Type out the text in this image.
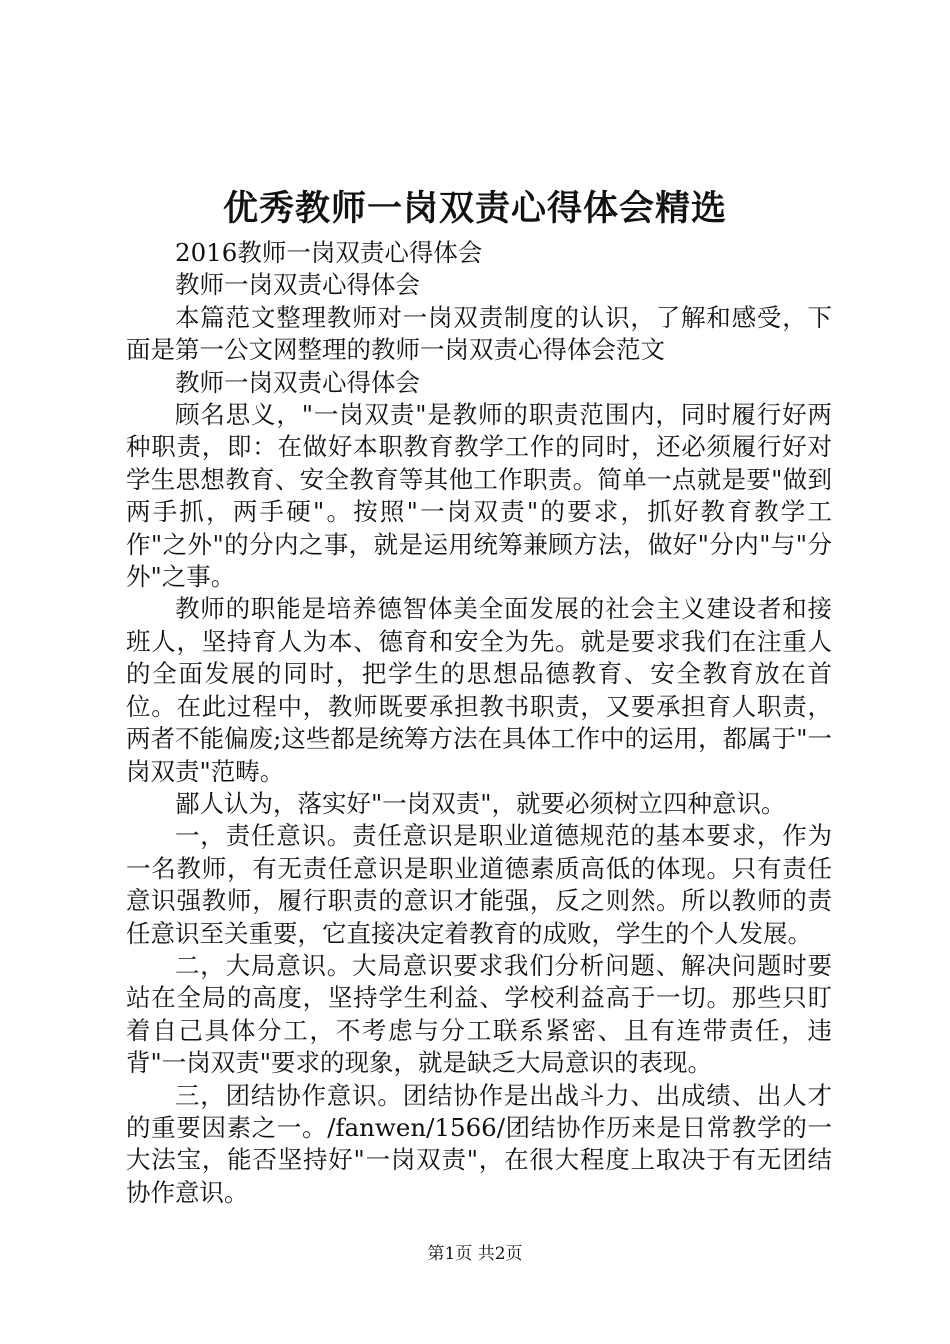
优秀教师一岗双责心得体会精选

2016教师一岗双责心得体会

教师一岗双责心得体会

本篇范文整理教师对一岗双责制度的认识，了解和感受，下面是第一公文网整理的教师一岗双责心得体会范文

教师一岗双责心得体会

顾名思义，"一岗双责"是教师的职责范围内，同时履行好两种职责，即：在做好本职教育教学工作的同时，还必须履行好对学生思想教育、安全教育等其他工作职责。简单一点就是要"做到两手抓，两手硬"。按照"一岗双责"的要求，抓好教育教学工作"之外"的分内之事，就是运用统筹兼顾方法，做好"分内"与"分外"之事。

教师的职能是培养德智体美全面发展的社会主义建设者和接班人，坚持育人为本、德育和安全为先。就是要求我们在注重人的全面发展的同时，把学生的思想品德教育、安全教育放在首位。在此过程中，教师既要承担教书职责，又要承担育人职责，两者不能偏废;这些都是统筹方法在具体工作中的运用，都属于"一岗双责"范畴。

鄙人认为，落实好"一岗双责"，就要必须树立四种意识。

一，责任意识。责任意识是职业道德规范的基本要求，作为一名教师，有无责任意识是职业道德素质高低的体现。只有责任意识强教师，履行职责的意识才能强，反之则然。所以教师的责任意识至关重要，它直接决定着教育的成败，学生的个人发展。

二，大局意识。大局意识要求我们分析问题、解决问题时要站在全局的高度，坚持学生利益、学校利益高于一切。那些只盯着自己具体分工，不考虑与分工联系紧密、且有连带责任，违背"一岗双责"要求的现象，就是缺乏大局意识的表现。

三，团结协作意识。团结协作是出战斗力、出成绩、出人才的重要因素之一。/fanwen/1566/团结协作历来是日常教学的一大法宝，能否坚持好"一岗双责"，在很大程度上取决于有无团结协作意识。

第1页 共2页
